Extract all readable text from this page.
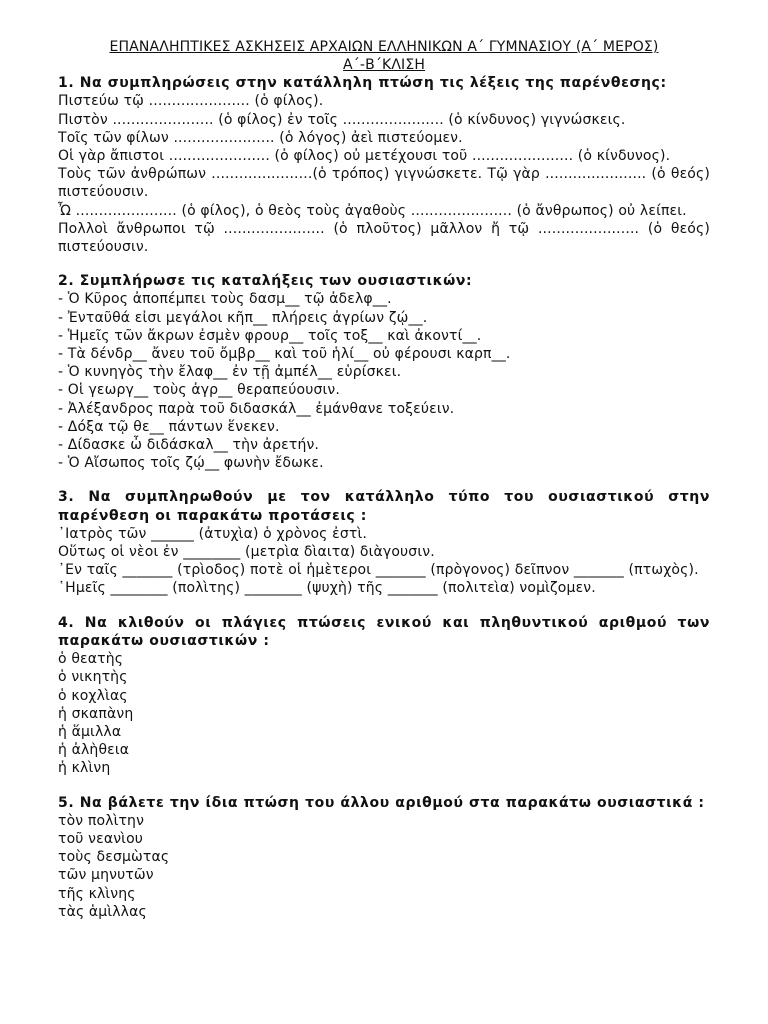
ΕΠΑΝΑΛΗΠΤΙΚΕΣ ΑΣΚΗΣΕΙΣ ΑΡΧΑΙΩΝ ΕΛΛΗΝΙΚΩΝ Α΄ ΓΥΜΝΑΣΙΟΥ (Α΄ ΜΕΡΟΣ)

Α΄-Β΄ΚΛΙΣΗ

1. Να συμπληρώσεις στην κατάλληλη πτώση τις λέξεις της παρένθεσης:

Πιστεύω τῷ ...................... (ὁ φίλος).

Πιστὸν ...................... (ὁ φίλος) ἐν τοῖς ...................... (ὁ κίνδυνος) γιγνώσκεις.

Τοῖς τῶν φίλων ...................... (ὁ λόγος) ἀεὶ πιστεύομεν.

Οἱ γὰρ ἄπιστοι ...................... (ὁ φίλος) οὐ μετέχουσι τοῦ ...................... (ὁ κίνδυνος).

Τοὺς τῶν ἀνθρώπων ......................(ὁ τρόπος) γιγνώσκετε. Τῷ γὰρ ...................... (ὁ θεός) πιστεύουσιν.

Ὦ ...................... (ὁ φίλος), ὁ θεὸς τοὺς ἀγαθοὺς ...................... (ὁ ἄνθρωπος) οὐ λείπει.

Πολλοὶ ἄνθρωποι τῷ ...................... (ὁ πλοῦτος) μᾶλλον ἤ τῷ ...................... (ὁ θεός) πιστεύουσιν.

2. Συμπλήρωσε τις καταλήξεις των ουσιαστικών:

- Ὁ Κῦρος ἀποπέμπει τοὺς δασμ__ τῷ ἀδελφ__.

- Ἐνταῦθά εἰσι μεγάλοι κῆπ__ πλήρεις ἀγρίων ζῴ__.

- Ἡμεῖς τῶν ἄκρων ἐσμὲν φρουρ__ τοῖς τοξ__ καὶ ἀκοντί__.

- Τὰ δένδρ__ ἄνευ τοῦ ὄμβρ__ καὶ τοῦ ἡλί__ οὐ φέρουσι καρπ__.

- Ὁ κυνηγὸς τὴν ἔλαφ__ ἐν τῇ ἀμπέλ__ εὑρίσκει.

- Οἱ γεωργ__ τοὺς ἀγρ__ θεραπεύουσιν.

- Ἀλέξανδρος παρὰ τοῦ διδασκάλ__ ἐμάνθανε τοξεύειν.

- Δόξα τῷ θε__ πάντων ἕνεκεν.

- Δίδασκε ὦ διδάσκαλ__ τὴν ἀρετήν.

- Ὁ Αἴσωπος τοῖς ζῴ__ φωνὴν ἔδωκε.

3. Να συμπληρωθούν με τον κατάλληλο τύπο του ουσιαστικού στην παρένθεση οι παρακάτω προτάσεις :

᾿Ιατρὸς τῶν ______ (ἀτυχὶα) ὁ χρὸνος ἐστὶ.

Οὕτως οἱ νὲοι ἐν ________ (μετρὶα δὶαιτα) διὰγουσιν.

᾿Εν ταῖς _______ (τρὶοδος) ποτὲ οἱ ἡμὲτεροι _______ (πρὸγονος) δεῖπνον _______ (πτωχὸς).

῾Ημεῖς ________ (πολὶτης) ________ (ψυχὴ) τῆς _______ (πολιτεὶα) νομὶζομεν.

4. Να κλιθούν οι πλάγιες πτώσεις ενικού και πληθυντικού αριθμού των παρακάτω ουσιαστικών :

ὁ θεατὴς

ὁ νικητὴς

ὁ κοχλὶας

ἡ σκαπὰνη

ἡ ἅμιλλα

ἡ ἀλὴθεια

ἡ κλὶνη

5. Να βάλετε την ίδια πτώση του άλλου αριθμού στα παρακάτω ουσιαστικά :

τὸν πολὶτην

τοῦ νεανὶου

τοὺς δεσμὼτας

τῶν μηνυτῶν

τῆς κλὶνης

τὰς ἁμὶλλας
